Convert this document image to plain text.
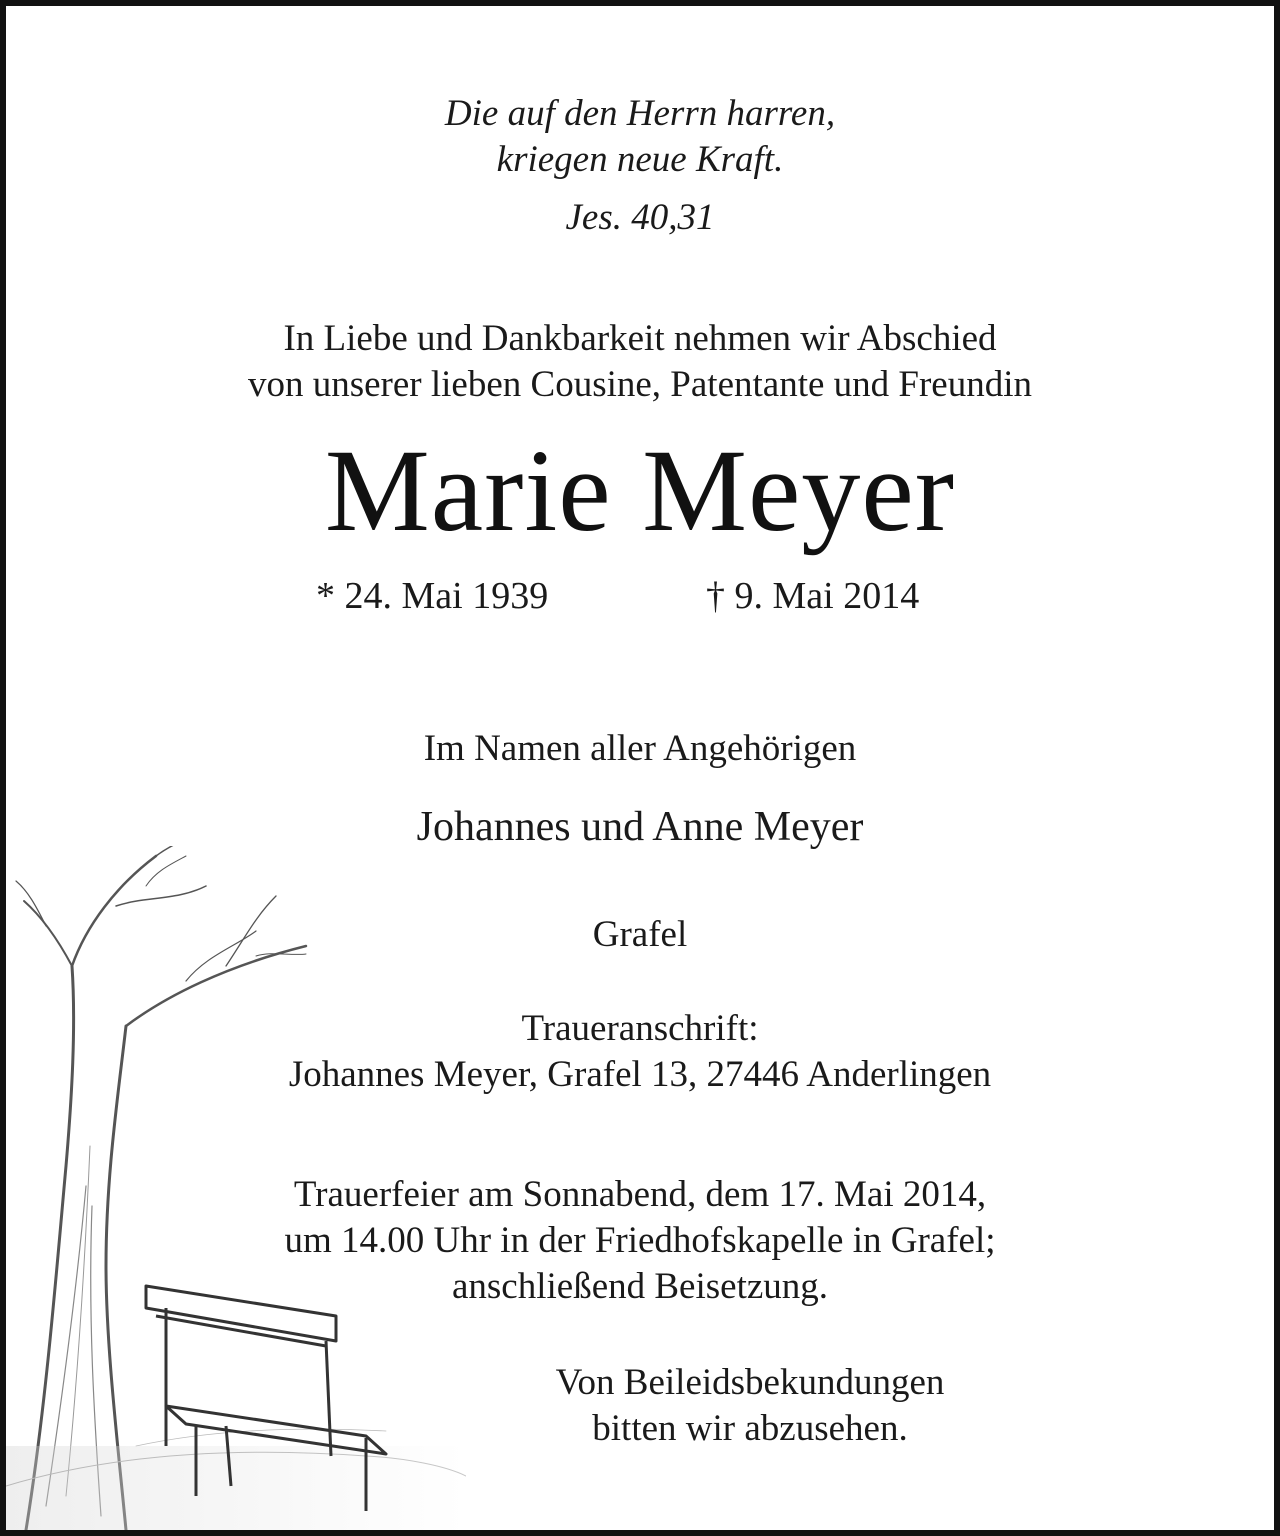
Die auf den Herrn harren,
kriegen neue Kraft.
Jes. 40,31
In Liebe und Dankbarkeit nehmen wir Abschied
von unserer lieben Cousine, Patentante und Freundin
Marie Meyer
* 24. Mai 1939	† 9. Mai 2014
Im Namen aller Angehörigen
Johannes und Anne Meyer
Grafel
Traueranschrift:
Johannes Meyer, Grafel 13, 27446 Anderlingen
Trauerfeier am Sonnabend, dem 17. Mai 2014,
um 14.00 Uhr in der Friedhofskapelle in Grafel;
anschließend Beisetzung.
Von Beileidsbekundungen
bitten wir abzusehen.
